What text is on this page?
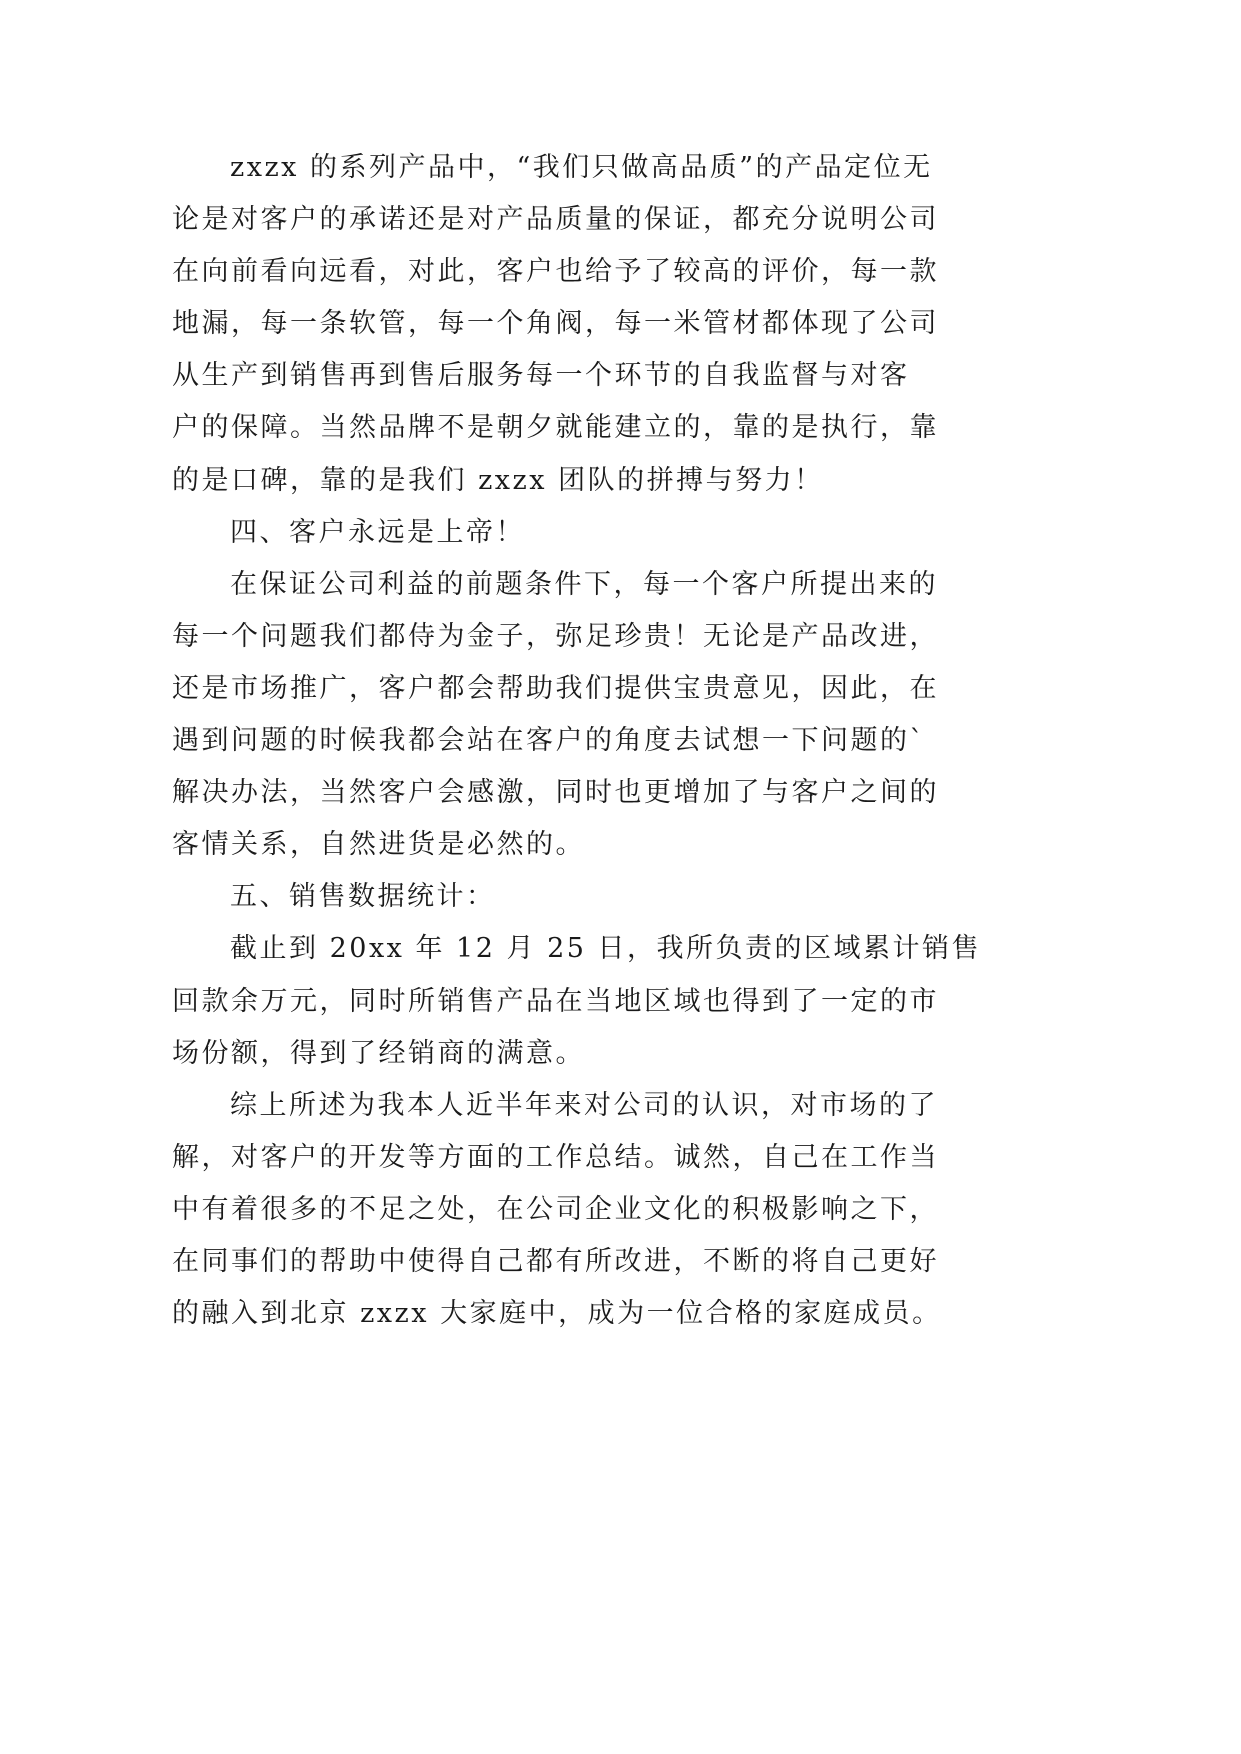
zxzx 的系列产品中，“我们只做高品质”的产品定位无
论是对客户的承诺还是对产品质量的保证，都充分说明公司
在向前看向远看，对此，客户也给予了较高的评价，每一款
地漏，每一条软管，每一个角阀，每一米管材都体现了公司
从生产到销售再到售后服务每一个环节的自我监督与对客
户的保障。当然品牌不是朝夕就能建立的，靠的是执行，靠
的是口碑，靠的是我们 zxzx 团队的拼搏与努力！
四、客户永远是上帝！
在保证公司利益的前题条件下，每一个客户所提出来的
每一个问题我们都侍为金子，弥足珍贵！无论是产品改进，
还是市场推广，客户都会帮助我们提供宝贵意见，因此，在
遇到问题的时候我都会站在客户的角度去试想一下问题的`
解决办法，当然客户会感激，同时也更增加了与客户之间的
客情关系，自然进货是必然的。
五、销售数据统计：
截止到 20xx 年 12 月 25 日，我所负责的区域累计销售
回款余万元，同时所销售产品在当地区域也得到了一定的市
场份额，得到了经销商的满意。
综上所述为我本人近半年来对公司的认识，对市场的了
解，对客户的开发等方面的工作总结。诚然，自己在工作当
中有着很多的不足之处，在公司企业文化的积极影响之下，
在同事们的帮助中使得自己都有所改进，不断的将自己更好
的融入到北京 zxzx 大家庭中，成为一位合格的家庭成员。
